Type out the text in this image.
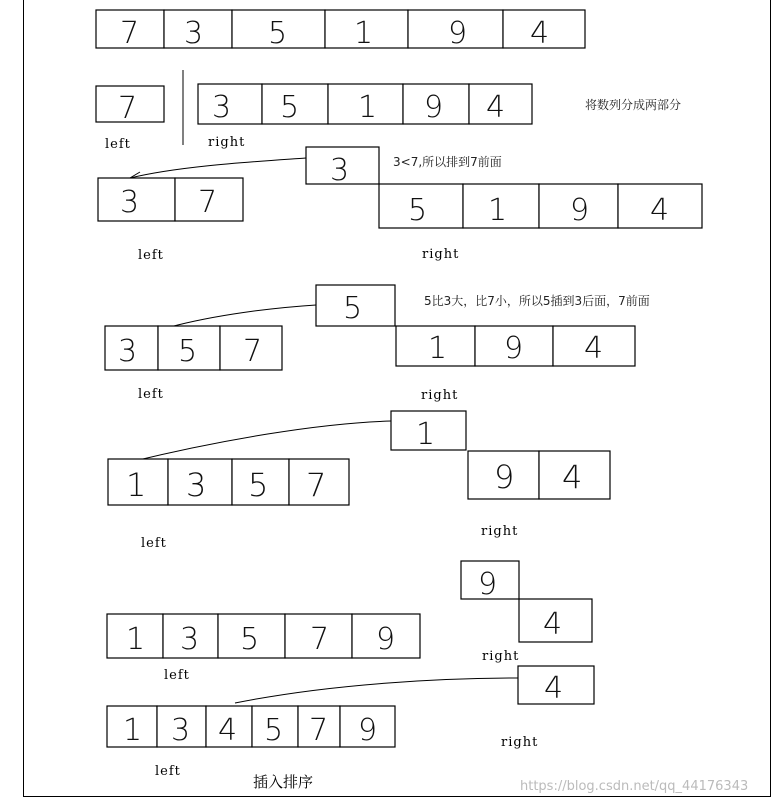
7 3 5 1 9 4
7 3 5 1 9 4
left	right
将数列分成两部分
3	3<7,所以排到7前面
3 7	5 1 9 4
left	right
5	5比3大，比7小，所以5插到3后面，7前面
3 5 7	1 9 4
left	right
1
1 3 5 7	9 4
left
right
9
4
1 3 5 7 9
left
right
4
1 3 4 5 7 9
left
right
插入排序	https://blog.csdn.net/qq_44176343
